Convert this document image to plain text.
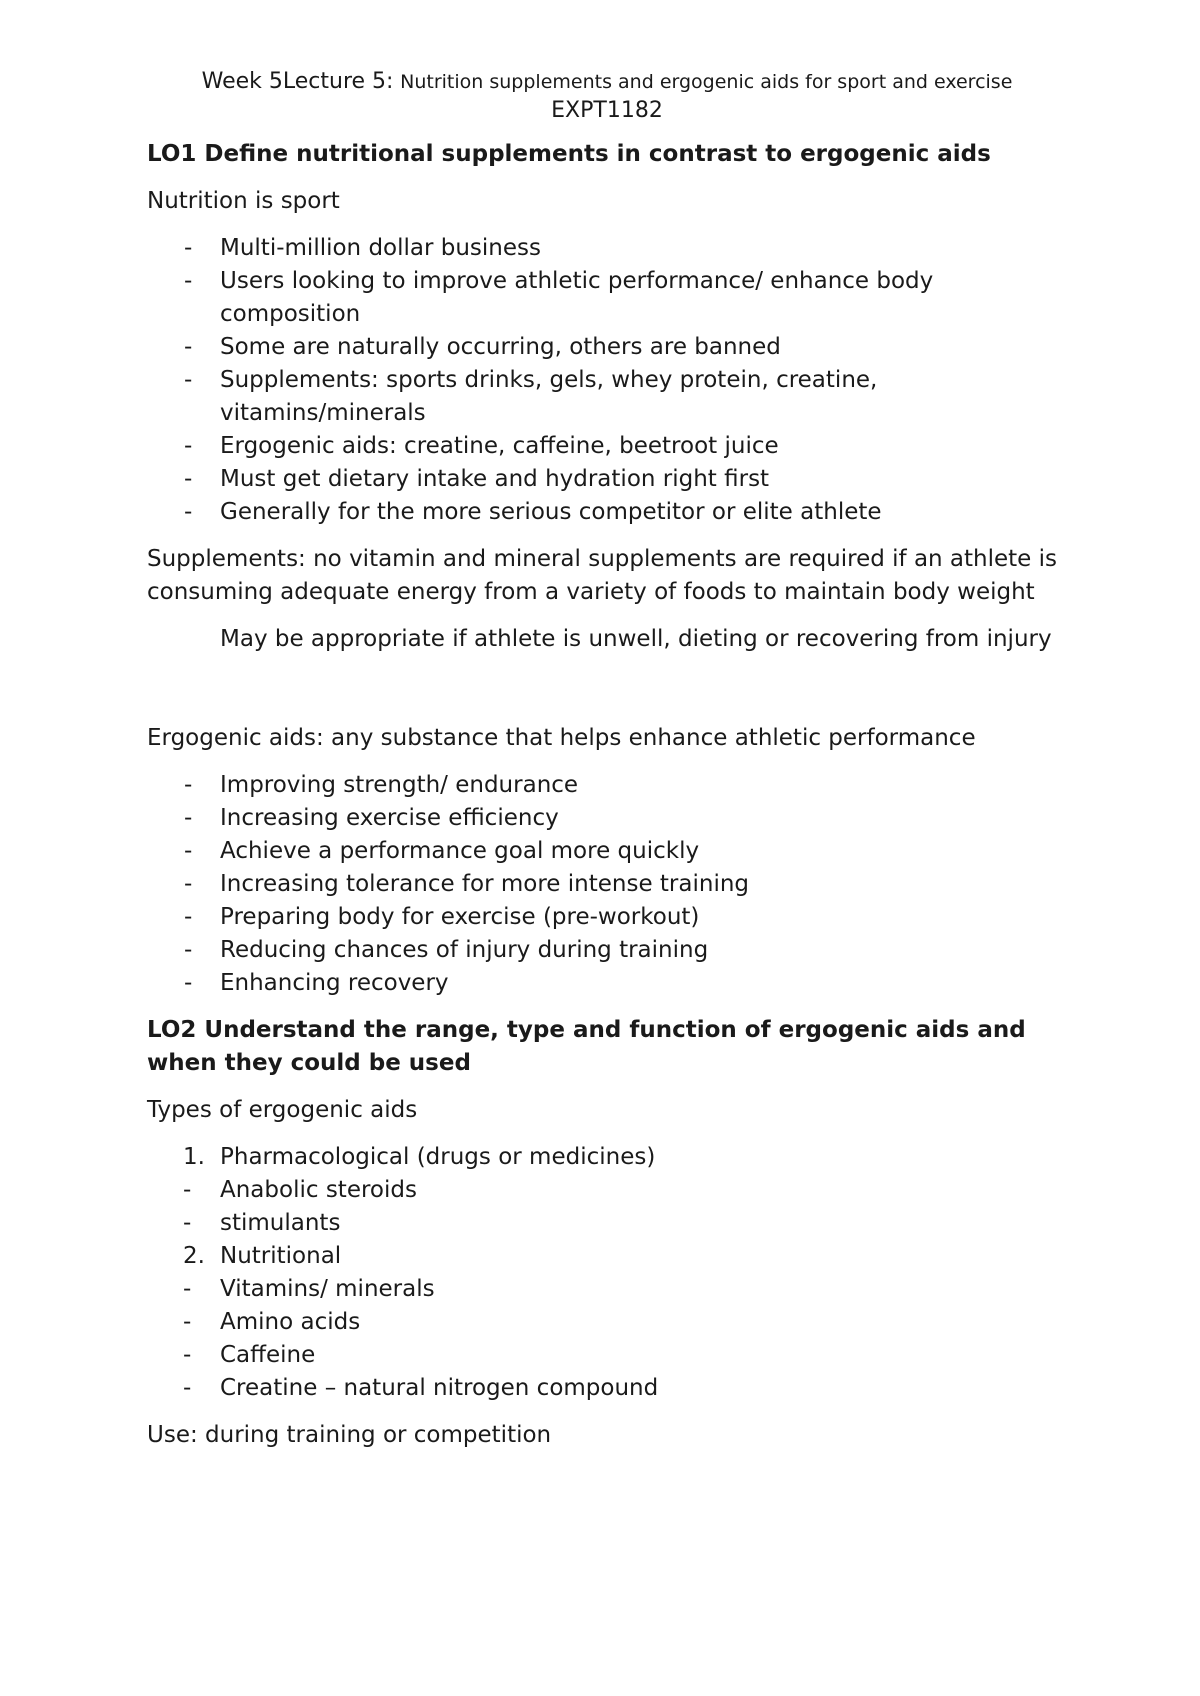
Week 5Lecture 5: Nutrition supplements and ergogenic aids for sport and exercise

EXPT1182

LO1 Define nutritional supplements in contrast to ergogenic aids

Nutrition is sport

- Multi-million dollar business
- Users looking to improve athletic performance/ enhance body composition
- Some are naturally occurring, others are banned
- Supplements: sports drinks, gels, whey protein, creatine, vitamins/minerals
- Ergogenic aids: creatine, caffeine, beetroot juice
- Must get dietary intake and hydration right first
- Generally for the more serious competitor or elite athlete

Supplements: no vitamin and mineral supplements are required if an athlete is consuming adequate energy from a variety of foods to maintain body weight

May be appropriate if athlete is unwell, dieting or recovering from injury

Ergogenic aids: any substance that helps enhance athletic performance

- Improving strength/ endurance
- Increasing exercise efficiency
- Achieve a performance goal more quickly
- Increasing tolerance for more intense training
- Preparing body for exercise (pre-workout)
- Reducing chances of injury during training
- Enhancing recovery

LO2 Understand the range, type and function of ergogenic aids and when they could be used

Types of ergogenic aids

1. Pharmacological (drugs or medicines)
- Anabolic steroids
- stimulants
2. Nutritional
- Vitamins/ minerals
- Amino acids
- Caffeine
- Creatine – natural nitrogen compound

Use: during training or competition
